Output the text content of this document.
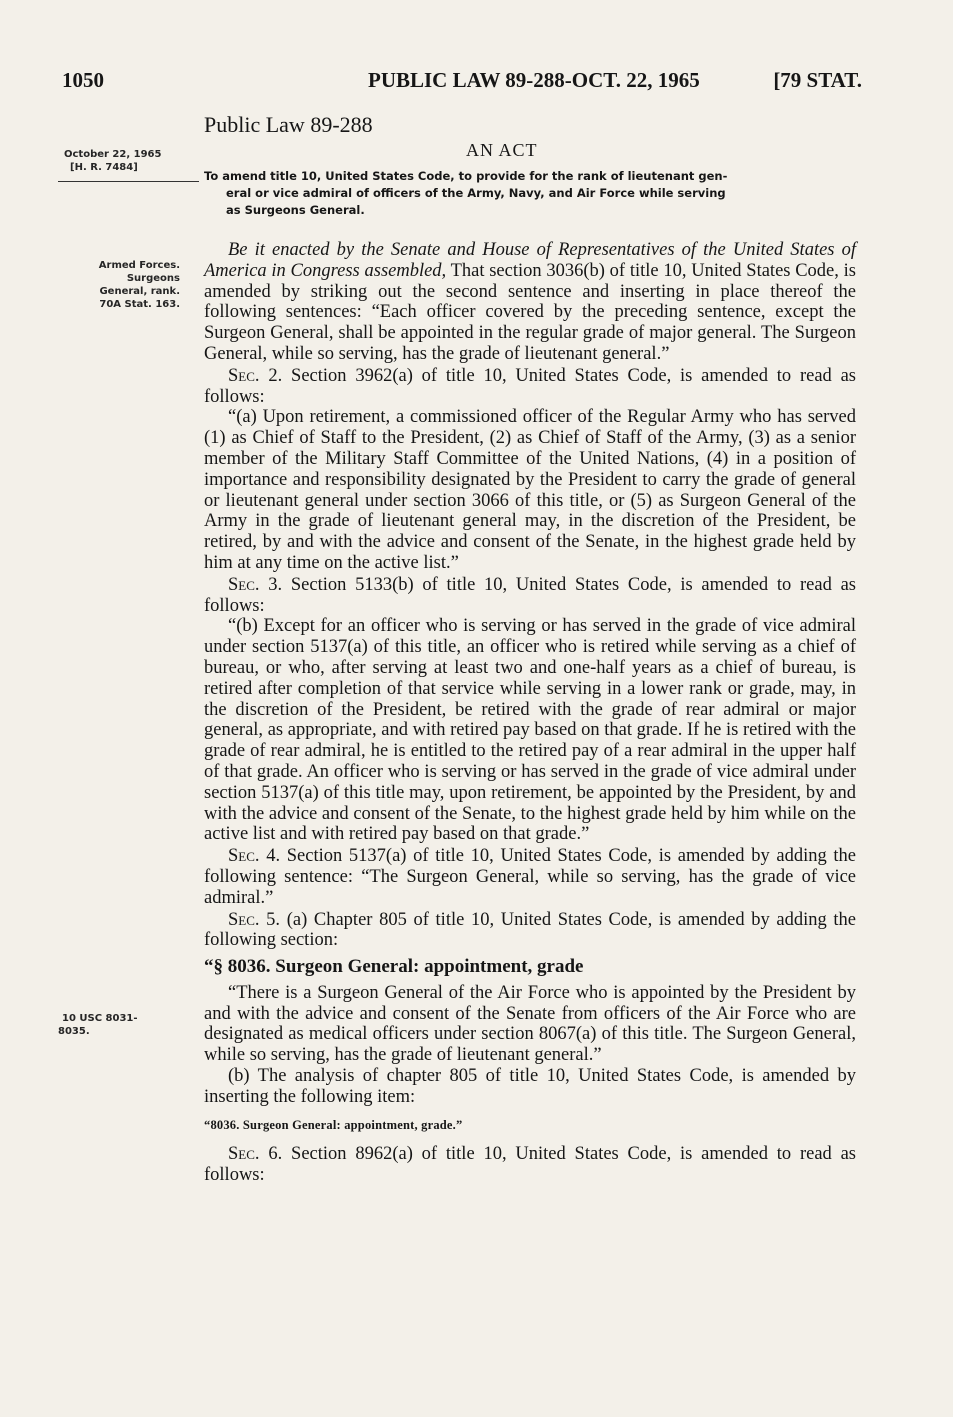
1050	PUBLIC LAW 89-288-OCT. 22, 1965	[79 STAT.
Public Law 89-288
AN ACT
October 22, 1965
[H. R. 7484]
To amend title 10, United States Code, to provide for the rank of lieutenant gen-
eral or vice admiral of officers of the Army, Navy, and Air Force while serving
as Surgeons General.
Armed Forces.
Surgeons
General, rank.
70A Stat. 163.
10 USC 8031-
8035.

Be it enacted by the Senate and House of Representatives of the United States of America in Congress assembled, That section 3036(b) of title 10, United States Code, is amended by striking out the second sentence and inserting in place thereof the following sentences: “Each officer covered by the preceding sentence, except the Surgeon General, shall be appointed in the regular grade of major general. The Surgeon General, while so serving, has the grade of lieutenant general.”

Sec. 2. Section 3962(a) of title 10, United States Code, is amended to read as follows:

“(a) Upon retirement, a commissioned officer of the Regular Army who has served (1) as Chief of Staff to the President, (2) as Chief of Staff of the Army, (3) as a senior member of the Military Staff Committee of the United Nations, (4) in a position of importance and responsibility designated by the President to carry the grade of general or lieutenant general under section 3066 of this title, or (5) as Surgeon General of the Army in the grade of lieutenant general may, in the discretion of the President, be retired, by and with the advice and consent of the Senate, in the highest grade held by him at any time on the active list.”

Sec. 3. Section 5133(b) of title 10, United States Code, is amended to read as follows:

“(b) Except for an officer who is serving or has served in the grade of vice admiral under section 5137(a) of this title, an officer who is retired while serving as a chief of bureau, or who, after serving at least two and one-half years as a chief of bureau, is retired after completion of that service while serving in a lower rank or grade, may, in the discretion of the President, be retired with the grade of rear admiral or major general, as appropriate, and with retired pay based on that grade. If he is retired with the grade of rear admiral, he is entitled to the retired pay of a rear admiral in the upper half of that grade. An officer who is serving or has served in the grade of vice admiral under section 5137(a) of this title may, upon retirement, be appointed by the President, by and with the advice and consent of the Senate, to the highest grade held by him while on the active list and with retired pay based on that grade.”

Sec. 4. Section 5137(a) of title 10, United States Code, is amended by adding the following sentence: “The Surgeon General, while so serving, has the grade of vice admiral.”

Sec. 5. (a) Chapter 805 of title 10, United States Code, is amended by adding the following section:

“§ 8036. Surgeon General: appointment, grade

“There is a Surgeon General of the Air Force who is appointed by the President by and with the advice and consent of the Senate from officers of the Air Force who are designated as medical officers under section 8067(a) of this title. The Surgeon General, while so serving, has the grade of lieutenant general.”

(b) The analysis of chapter 805 of title 10, United States Code, is amended by inserting the following item:

“8036. Surgeon General: appointment, grade.”

Sec. 6. Section 8962(a) of title 10, United States Code, is amended to read as follows:
